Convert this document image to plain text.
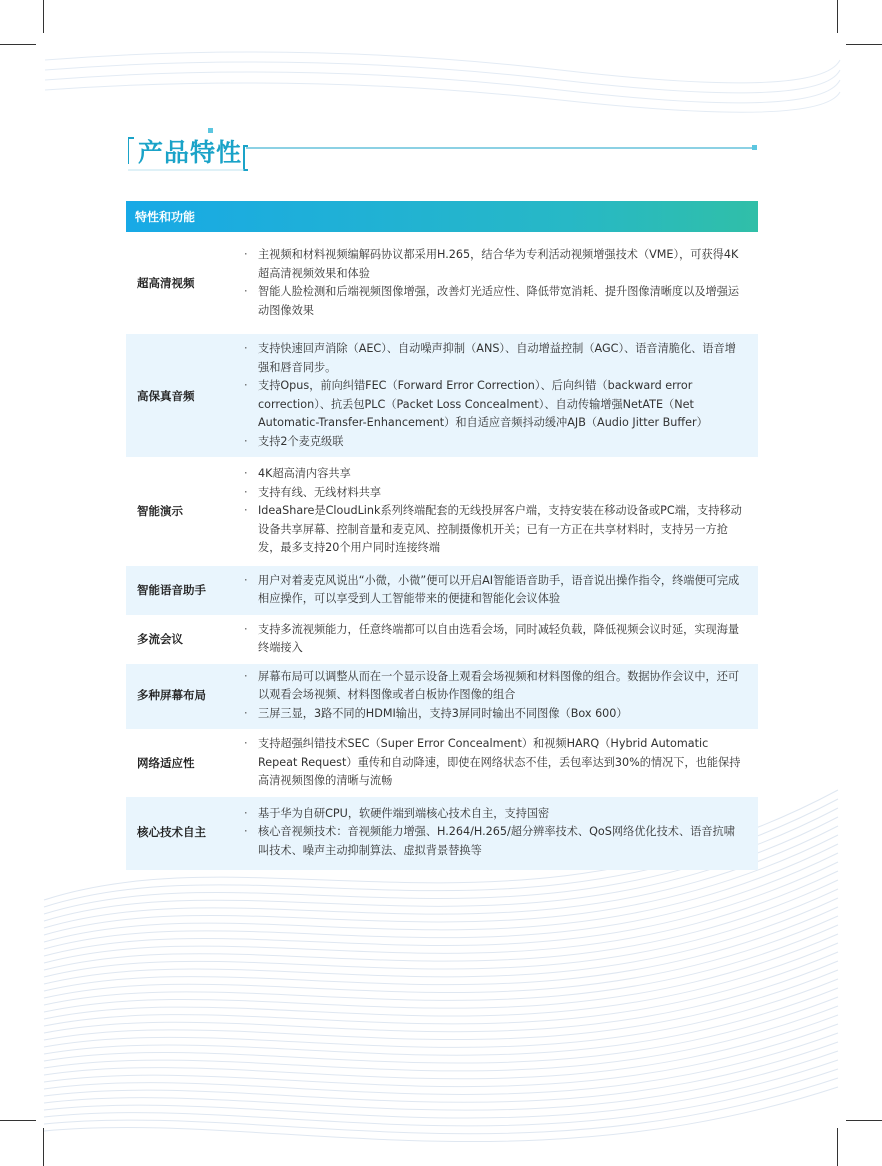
产品特性
特性和功能
超高清视频
· 主视频和材料视频编解码协议都采用H.265，结合华为专利活动视频增强技术（VME），可获得4K超高清视频效果和体验
· 智能人脸检测和后端视频图像增强，改善灯光适应性、降低带宽消耗、提升图像清晰度以及增强运动图像效果
高保真音频
· 支持快速回声消除（AEC）、自动噪声抑制（ANS）、自动增益控制（AGC）、语音清脆化、语音增强和唇音同步。
· 支持Opus，前向纠错FEC（Forward Error Correction）、后向纠错（backward error correction）、抗丢包PLC（Packet Loss Concealment）、自动传输增强NetATE（Net Automatic-Transfer-Enhancement）和自适应音频抖动缓冲AJB（Audio Jitter Buffer）
· 支持2个麦克级联
智能演示
· 4K超高清内容共享
· 支持有线、无线材料共享
· IdeaShare是CloudLink系列终端配套的无线投屏客户端，支持安装在移动设备或PC端，支持移动设备共享屏幕、控制音量和麦克风、控制摄像机开关；已有一方正在共享材料时，支持另一方抢发，最多支持20个用户同时连接终端
智能语音助手
· 用户对着麦克风说出“小微，小微”便可以开启AI智能语音助手，语音说出操作指令，终端便可完成相应操作，可以享受到人工智能带来的便捷和智能化会议体验
多流会议
· 支持多流视频能力，任意终端都可以自由选看会场，同时减轻负载，降低视频会议时延，实现海量终端接入
多种屏幕布局
· 屏幕布局可以调整从而在一个显示设备上观看会场视频和材料图像的组合。数据协作会议中，还可以观看会场视频、材料图像或者白板协作图像的组合
· 三屏三显，3路不同的HDMI输出，支持3屏同时输出不同图像（Box 600）
网络适应性
· 支持超强纠错技术SEC（Super Error Concealment）和视频HARQ（Hybrid Automatic Repeat Request）重传和自动降速，即使在网络状态不佳，丢包率达到30%的情况下，也能保持高清视频图像的清晰与流畅
核心技术自主
· 基于华为自研CPU，软硬件端到端核心技术自主，支持国密
· 核心音视频技术：音视频能力增强、H.264/H.265/超分辨率技术、QoS网络优化技术、语音抗啸叫技术、噪声主动抑制算法、虚拟背景替换等
